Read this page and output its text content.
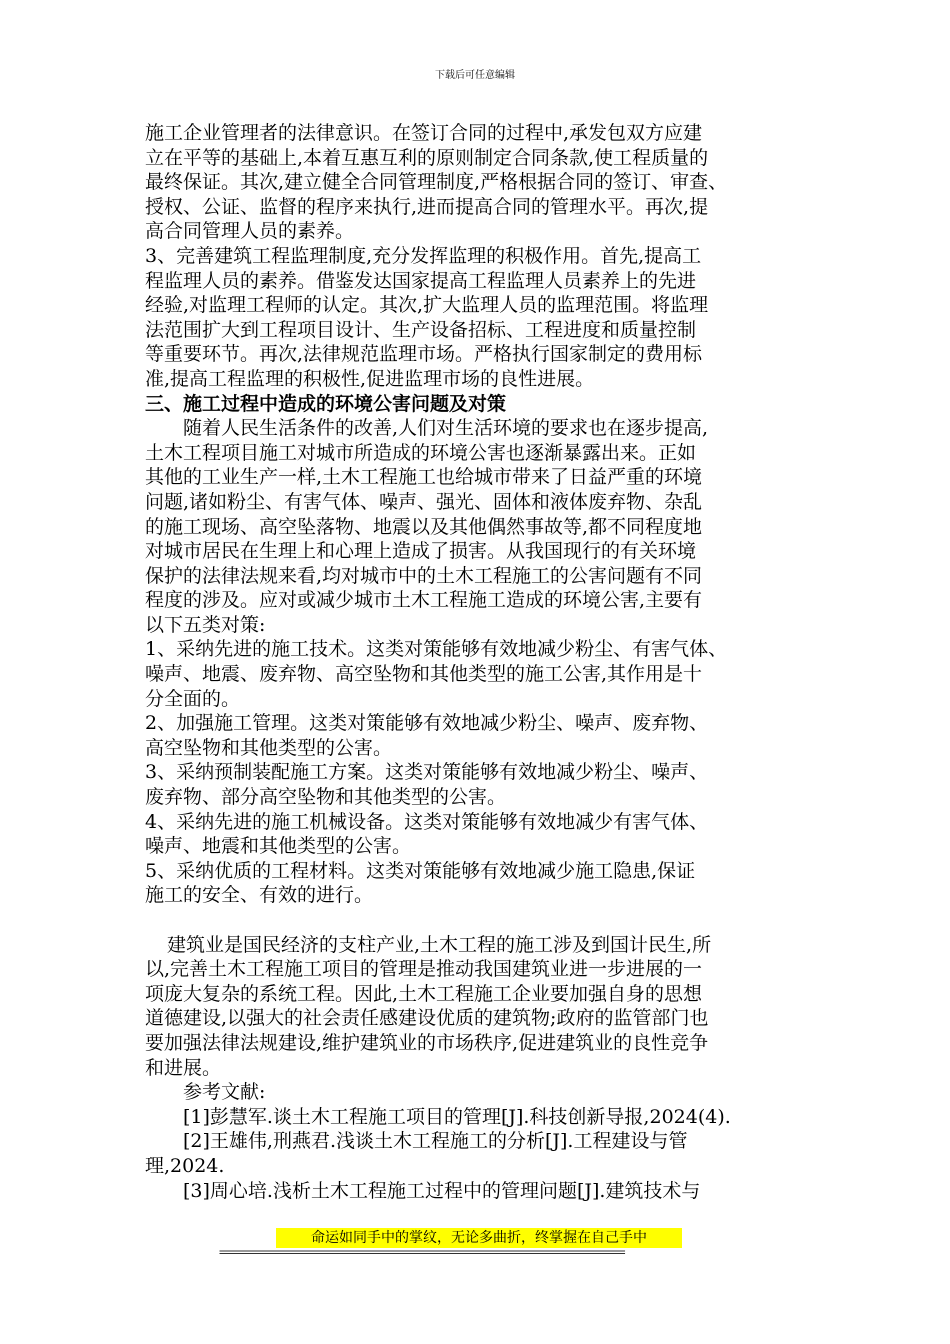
下载后可任意编辑

施工企业管理者的法律意识。在签订合同的过程中,承发包双方应建

立在平等的基础上,本着互惠互利的原则制定合同条款,使工程质量的

最终保证。其次,建立健全合同管理制度,严格根据合同的签订、审查、

授权、公证、监督的程序来执行,进而提高合同的管理水平。再次,提

高合同管理人员的素养。

3、完善建筑工程监理制度,充分发挥监理的积极作用。首先,提高工

程监理人员的素养。借鉴发达国家提高工程监理人员素养上的先进

经验,对监理工程师的认定。其次,扩大监理人员的监理范围。将监理

法范围扩大到工程项目设计、生产设备招标、工程进度和质量控制

等重要环节。再次,法律规范监理市场。严格执行国家制定的费用标

准,提高工程监理的积极性,促进监理市场的良性进展。

三、施工过程中造成的环境公害问题及对策

随着人民生活条件的改善,人们对生活环境的要求也在逐步提高,

土木工程项目施工对城市所造成的环境公害也逐渐暴露出来。正如

其他的工业生产一样,土木工程施工也给城市带来了日益严重的环境

问题,诸如粉尘、有害气体、噪声、强光、固体和液体废弃物、杂乱

的施工现场、高空坠落物、地震以及其他偶然事故等,都不同程度地

对城市居民在生理上和心理上造成了损害。从我国现行的有关环境

保护的法律法规来看,均对城市中的土木工程施工的公害问题有不同

程度的涉及。应对或减少城市土木工程施工造成的环境公害,主要有

以下五类对策:

1、采纳先进的施工技术。这类对策能够有效地减少粉尘、有害气体、

噪声、地震、废弃物、高空坠物和其他类型的施工公害,其作用是十

分全面的。

2、加强施工管理。这类对策能够有效地减少粉尘、噪声、废弃物、

高空坠物和其他类型的公害。

3、采纳预制装配施工方案。这类对策能够有效地减少粉尘、噪声、

废弃物、部分高空坠物和其他类型的公害。

4、采纳先进的施工机械设备。这类对策能够有效地减少有害气体、

噪声、地震和其他类型的公害。

5、采纳优质的工程材料。这类对策能够有效地减少施工隐患,保证

施工的安全、有效的进行。

建筑业是国民经济的支柱产业,土木工程的施工涉及到国计民生,所

以,完善土木工程施工项目的管理是推动我国建筑业进一步进展的一

项庞大复杂的系统工程。因此,土木工程施工企业要加强自身的思想

道德建设,以强大的社会责任感建设优质的建筑物;政府的监管部门也

要加强法律法规建设,维护建筑业的市场秩序,促进建筑业的良性竞争

和进展。

参考文献:

[1]彭慧军.谈土木工程施工项目的管理[J].科技创新导报,2024(4).

[2]王雄伟,刑燕君.浅谈土木工程施工的分析[J].工程建设与管

理,2024.

[3]周心培.浅析土木工程施工过程中的管理问题[J].建筑技术与

命运如同手中的掌纹，无论多曲折，终掌握在自己手中
===============================================================================
